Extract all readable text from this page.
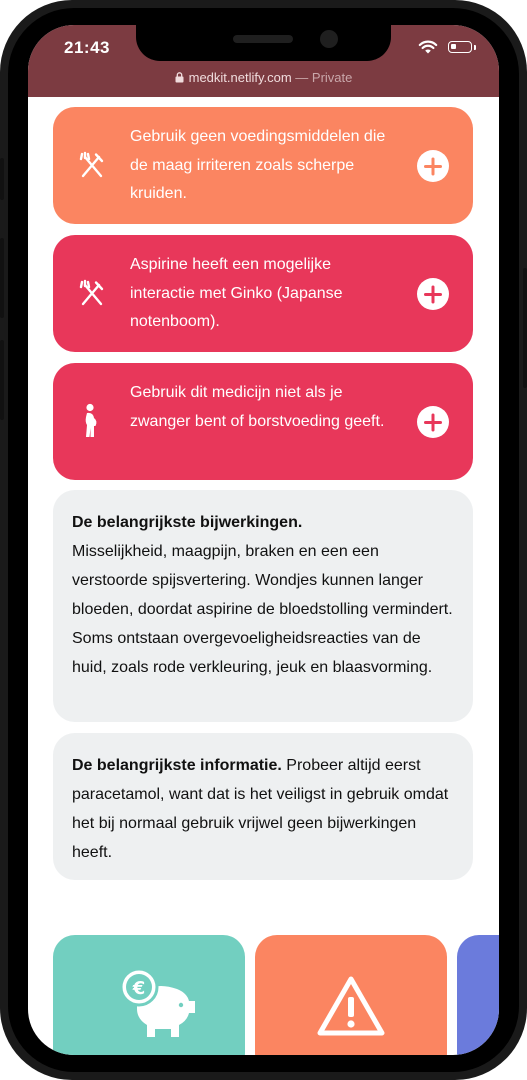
21:43
medkit.netlify.com — Private
Gebruik geen voedingsmiddelen die de maag irriteren zoals scherpe kruiden.
Aspirine heeft een mogelijke interactie met Ginko (Japanse notenboom).
Gebruik dit medicijn niet als je zwanger bent of borstvoeding geeft.
De belangrijkste bijwerkingen.
Misselijkheid, maagpijn, braken en een een verstoorde spijsvertering. Wondjes kunnen langer bloeden, doordat aspirine de bloedstolling vermindert. Soms ontstaan overgevoeligheidsreacties van de huid, zoals rode verkleuring, jeuk en blaasvorming.
De belangrijkste informatie. Probeer altijd eerst paracetamol, want dat is het veiligst in gebruik omdat het bij normaal gebruik vrijwel geen bijwerkingen heeft.
€
